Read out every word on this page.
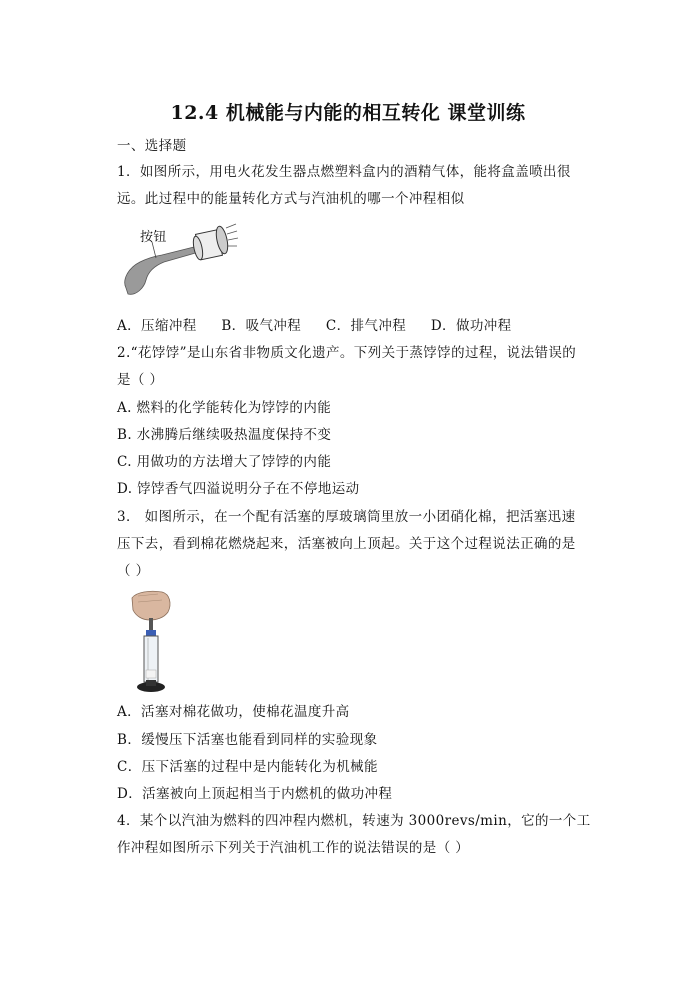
12.4 机械能与内能的相互转化 课堂训练
一、选择题
1．如图所示，用电火花发生器点燃塑料盒内的酒精气体，能将盒盖喷出很
远。此过程中的能量转化方式与汽油机的哪一个冲程相似
按钮
A．压缩冲程 B．吸气冲程 C．排气冲程 D．做功冲程
2.“花饽饽”是山东省非物质文化遗产。下列关于蒸饽饽的过程，说法错误的
是（ ）
A. 燃料的化学能转化为饽饽的内能
B. 水沸腾后继续吸热温度保持不变
C. 用做功的方法增大了饽饽的内能
D. 饽饽香气四溢说明分子在不停地运动
3． 如图所示，在一个配有活塞的厚玻璃筒里放一小团硝化棉，把活塞迅速
压下去，看到棉花燃烧起来，活塞被向上顶起。关于这个过程说法正确的是
（ ）
A．活塞对棉花做功，使棉花温度升高
B．缓慢压下活塞也能看到同样的实验现象
C．压下活塞的过程中是内能转化为机械能
D．活塞被向上顶起相当于内燃机的做功冲程
4．某个以汽油为燃料的四冲程内燃机，转速为 3000revs/min，它的一个工
作冲程如图所示下列关于汽油机工作的说法错误的是（ ）
